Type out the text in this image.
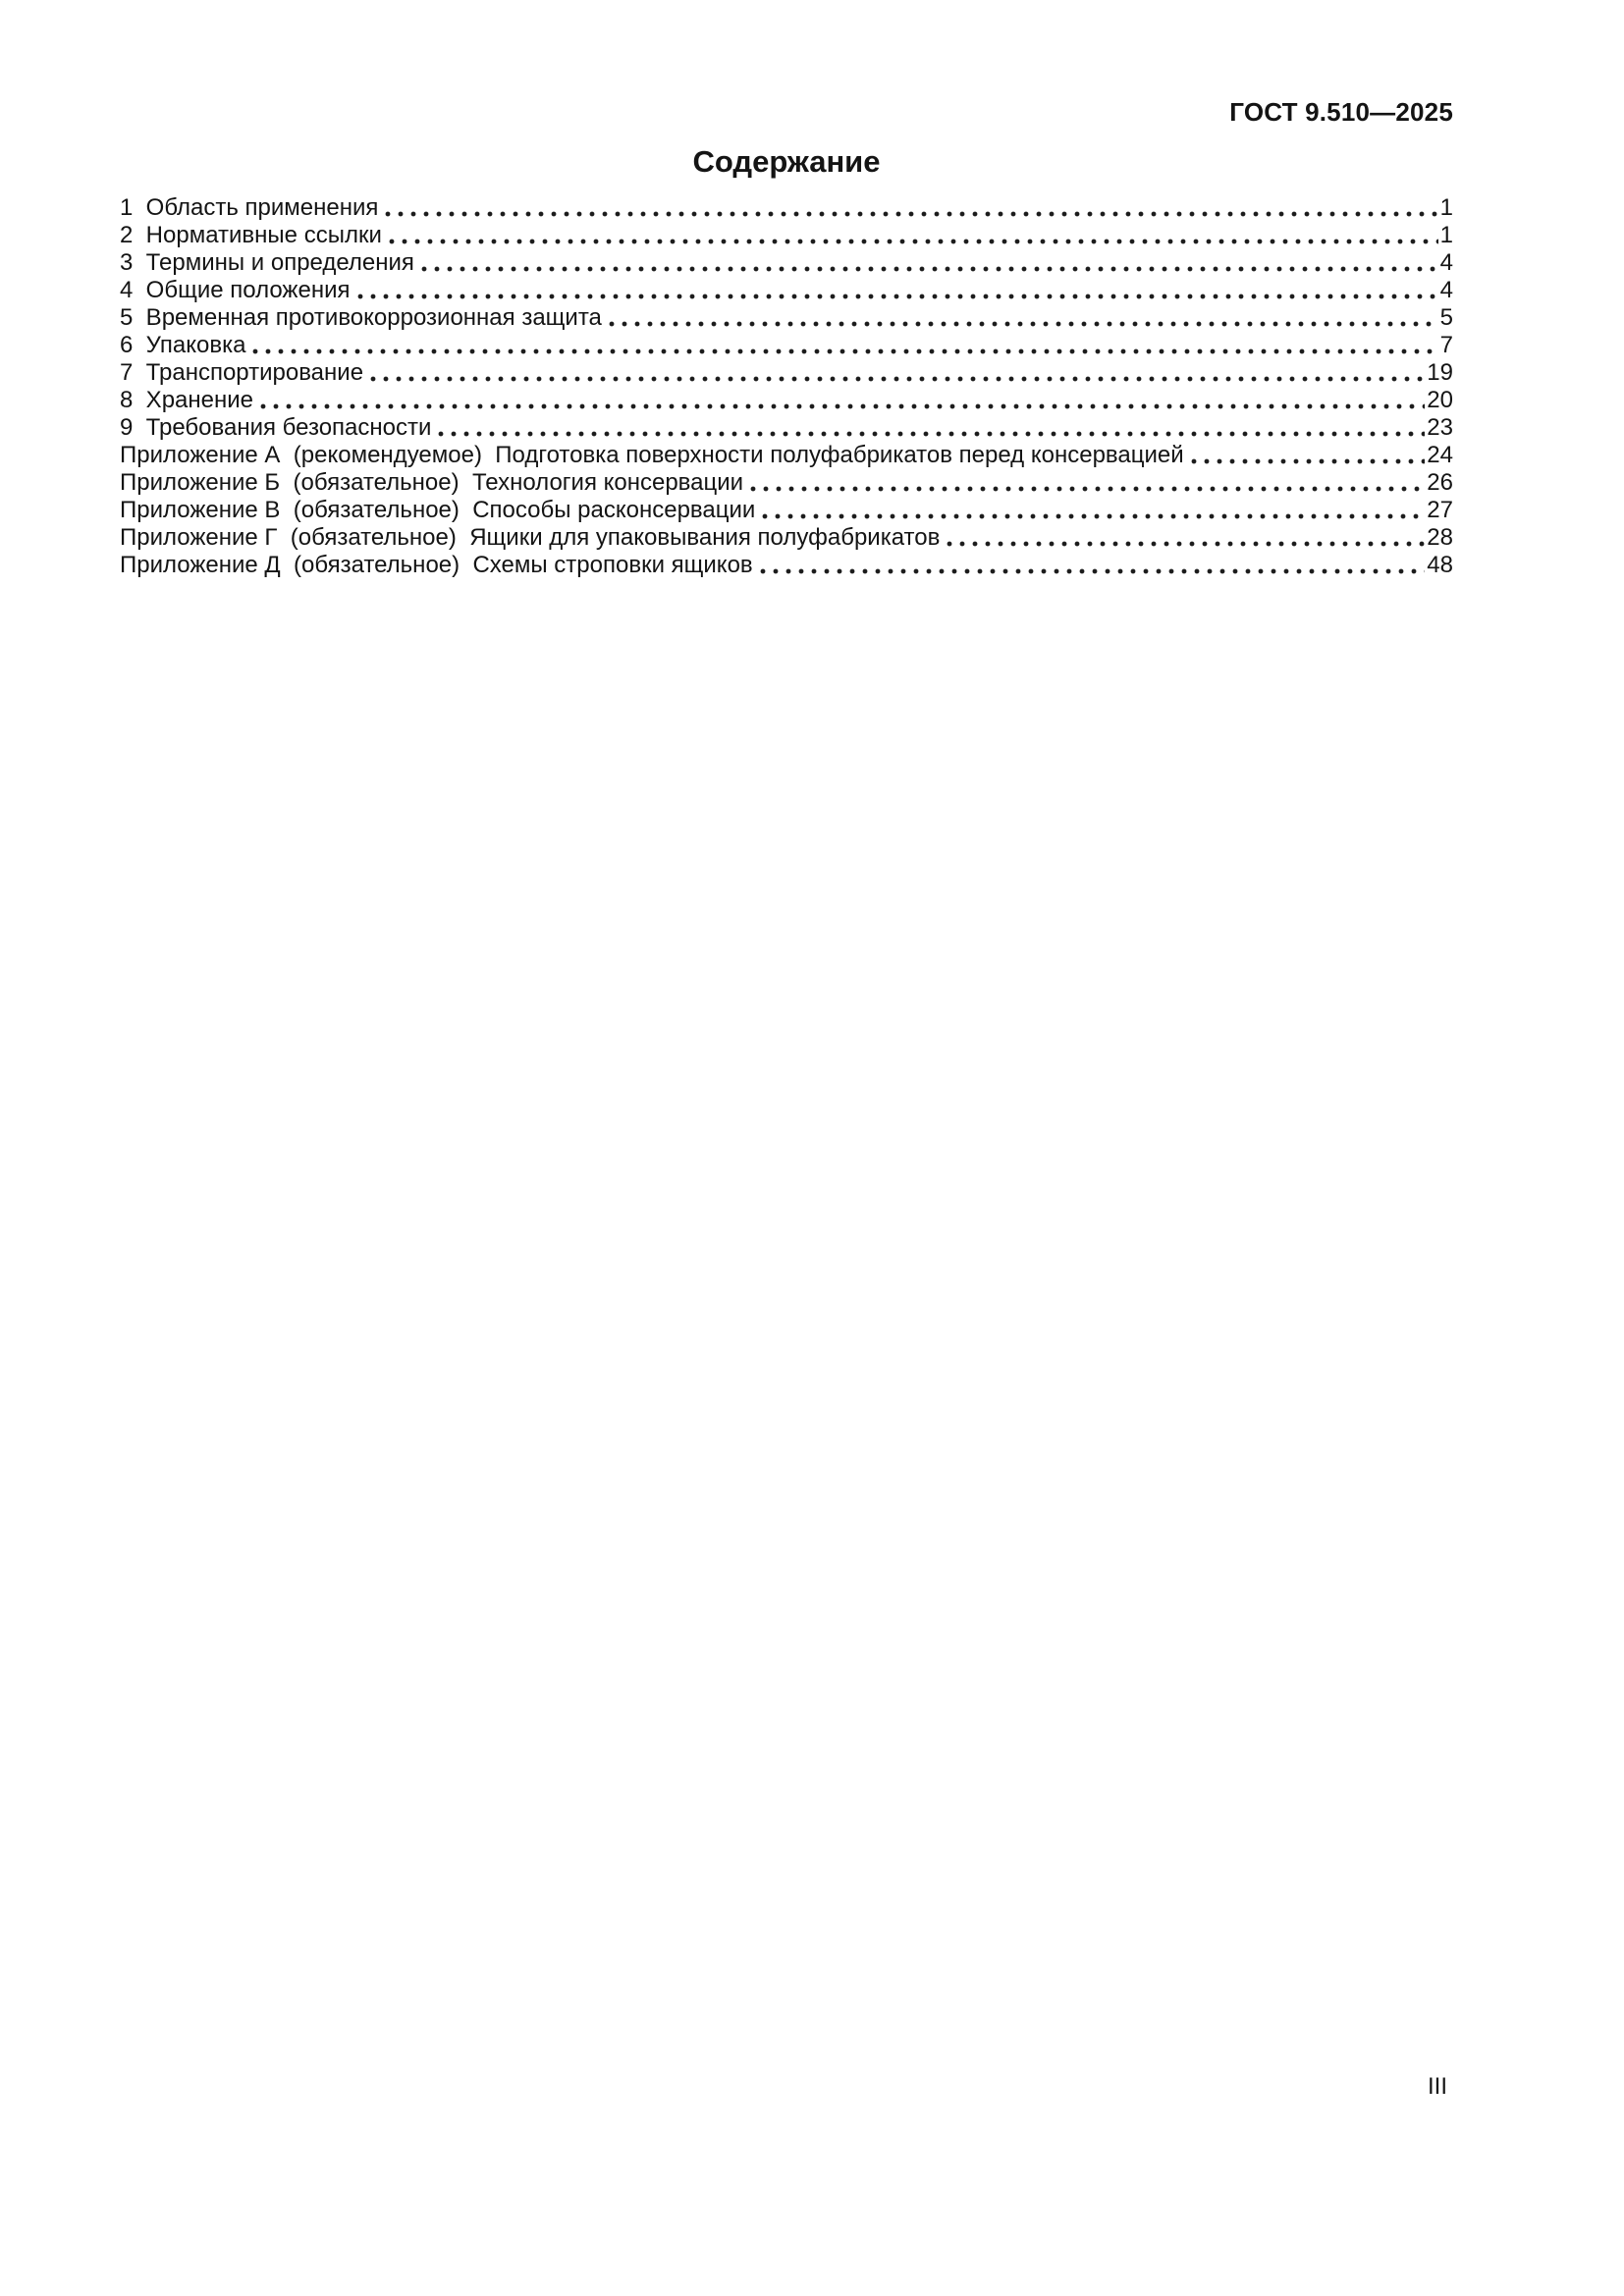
ГОСТ 9.510—2025
Содержание
1  Область применения	1
2  Нормативные ссылки	1
3  Термины и определения	4
4  Общие положения	4
5  Временная противокоррозионная защита	5
6  Упаковка	7
7  Транспортирование	19
8  Хранение	20
9  Требования безопасности	23
Приложение А  (рекомендуемое)  Подготовка поверхности полуфабрикатов перед консервацией	24
Приложение Б  (обязательное)  Технология консервации	26
Приложение В  (обязательное)  Способы расконсервации	27
Приложение Г  (обязательное)  Ящики для упаковывания полуфабрикатов	28
Приложение Д  (обязательное)  Схемы строповки ящиков	48
III
